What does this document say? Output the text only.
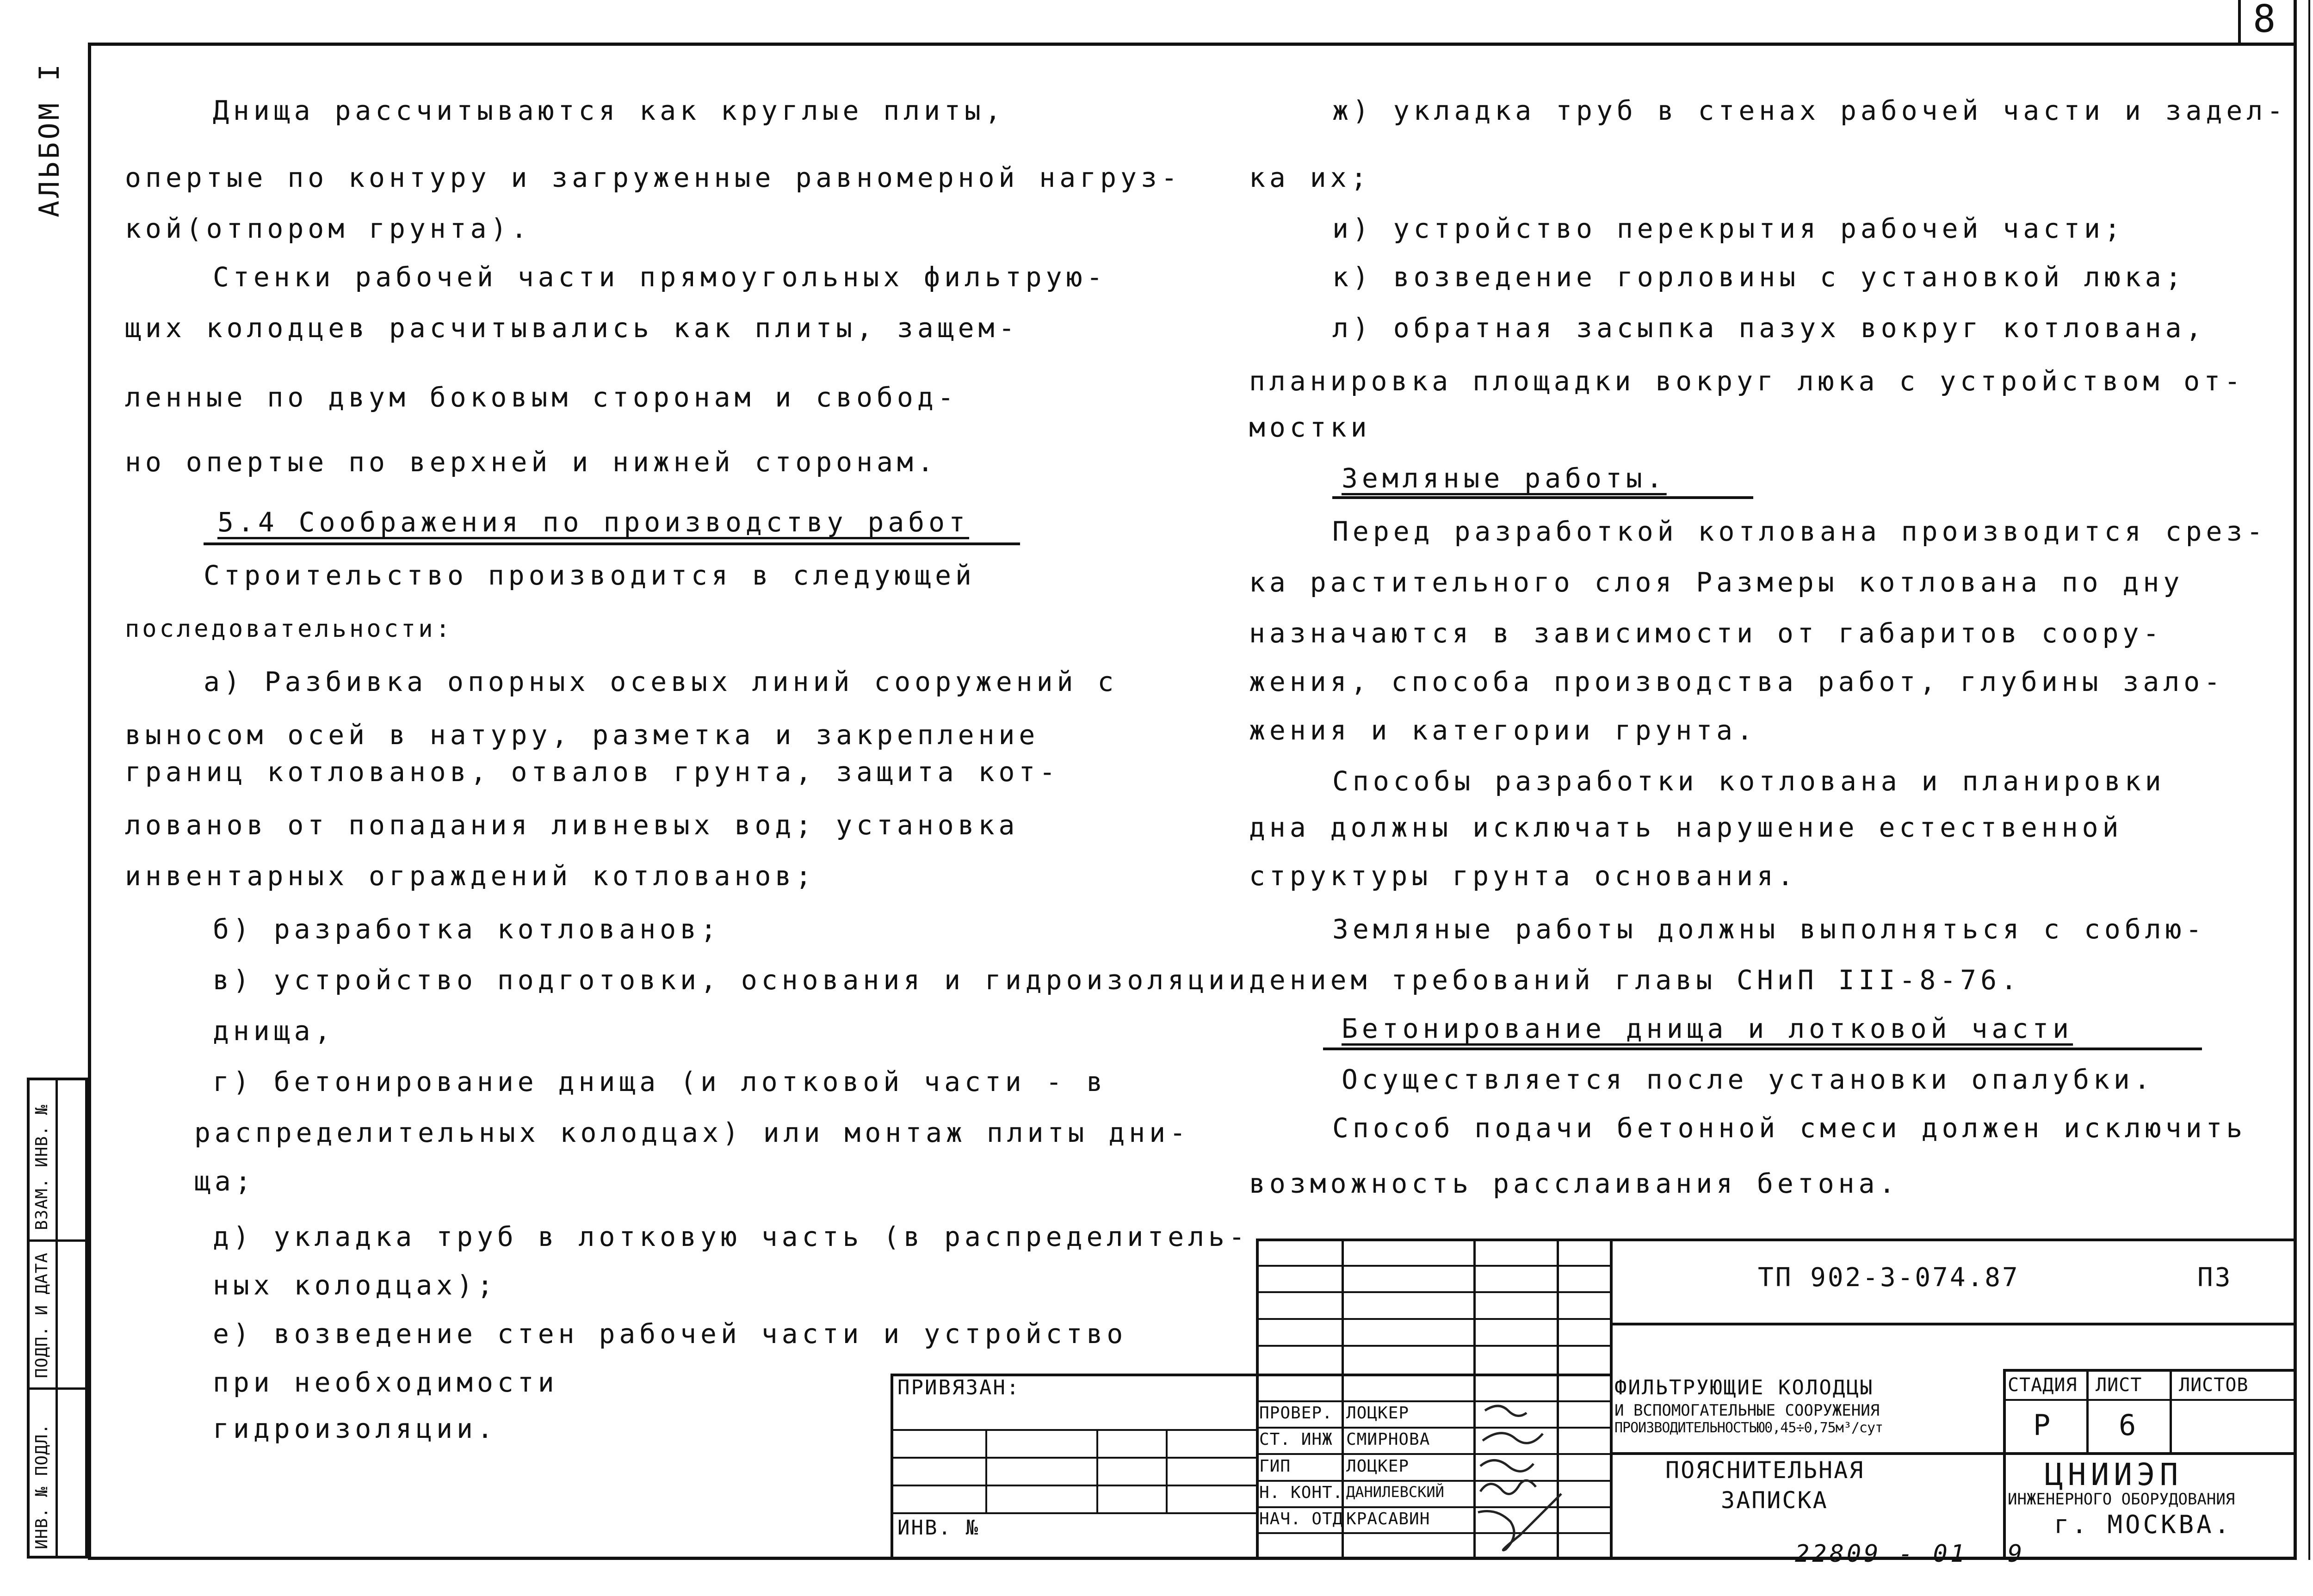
8
АЛЬБОМ I
ИНВ. № ПОДЛ.
ПОДП. И ДАТА
ВЗАМ. ИНВ. №
Днища рассчитываются как круглые плиты,
опертые по контуру и загруженные равномерной нагруз-
кой(отпором грунта).
Стенки рабочей части прямоугольных фильтрую-
щих колодцев расчитывались как плиты, защем-
ленные по двум боковым сторонам и свобод-
но опертые по верхней и нижней сторонам.
5.4 Соображения по производству работ
Строительство производится в следующей
последовательности:
а) Разбивка опорных осевых линий сооружений с
выносом осей в натуру, разметка и закрепление
границ котлованов, отвалов грунта, защита кот-
лованов от попадания ливневых вод; установка
инвентарных ограждений котлованов;
б) разработка котлованов;
в) устройство подготовки, основания и гидроизоляции
днища,
г) бетонирование днища (и лотковой части - в
распределительных колодцах) или монтаж плиты дни-
ща;
д) укладка труб в лотковую часть (в распределитель-
ных колодцах);
е) возведение стен рабочей части и устройство
при необходимости
гидроизоляции.
ж) укладка труб в стенах рабочей части и задел-
ка их;
и) устройство перекрытия рабочей части;
к) возведение горловины с установкой люка;
л) обратная засыпка пазух вокруг котлована,
планировка площадки вокруг люка с устройством от-
мостки
Земляные работы.
Перед разработкой котлована производится срез-
ка растительного слоя Размеры котлована по дну
назначаются в зависимости от габаритов соору-
жения, способа производства работ, глубины зало-
жения и категории грунта.
Способы разработки котлована и планировки
дна должны исключать нарушение естественной
структуры грунта основания.
Земляные работы должны выполняться с соблю-
дением требований главы СНиП III-8-76.
Бетонирование днища и лотковой части
Осуществляется после установки опалубки.
Способ подачи бетонной смеси должен исключить
возможность расслаивания бетона.
ПРИВЯЗАН:
ИНВ. №
ПРОВЕР. ЛОЦКЕР
СТ. ИНЖ СМИРНОВА
ГИП	ЛОЦКЕР
Н. КОНТ. ДАНИЛЕВСКИЙ
НАЧ. ОТД КРАСАВИН
ТП 902-3-074.87	ПЗ
ФИЛЬТРУЮЩИЕ КОЛОДЦЫ
И ВСПОМОГАТЕЛЬНЫЕ СООРУЖЕНИЯ
ПРОИЗВОДИТЕЛЬНОСТЬЮ0,45÷0,75м³/сут
ПОЯСНИТЕЛЬНАЯ
ЗАПИСКА
СТАДИЯ ЛИСТ ЛИСТОВ
Р 6
ЦНИИЭП
ИНЖЕНЕРНОГО ОБОРУДОВАНИЯ
г. МОСКВА.
22809 - 01 9
